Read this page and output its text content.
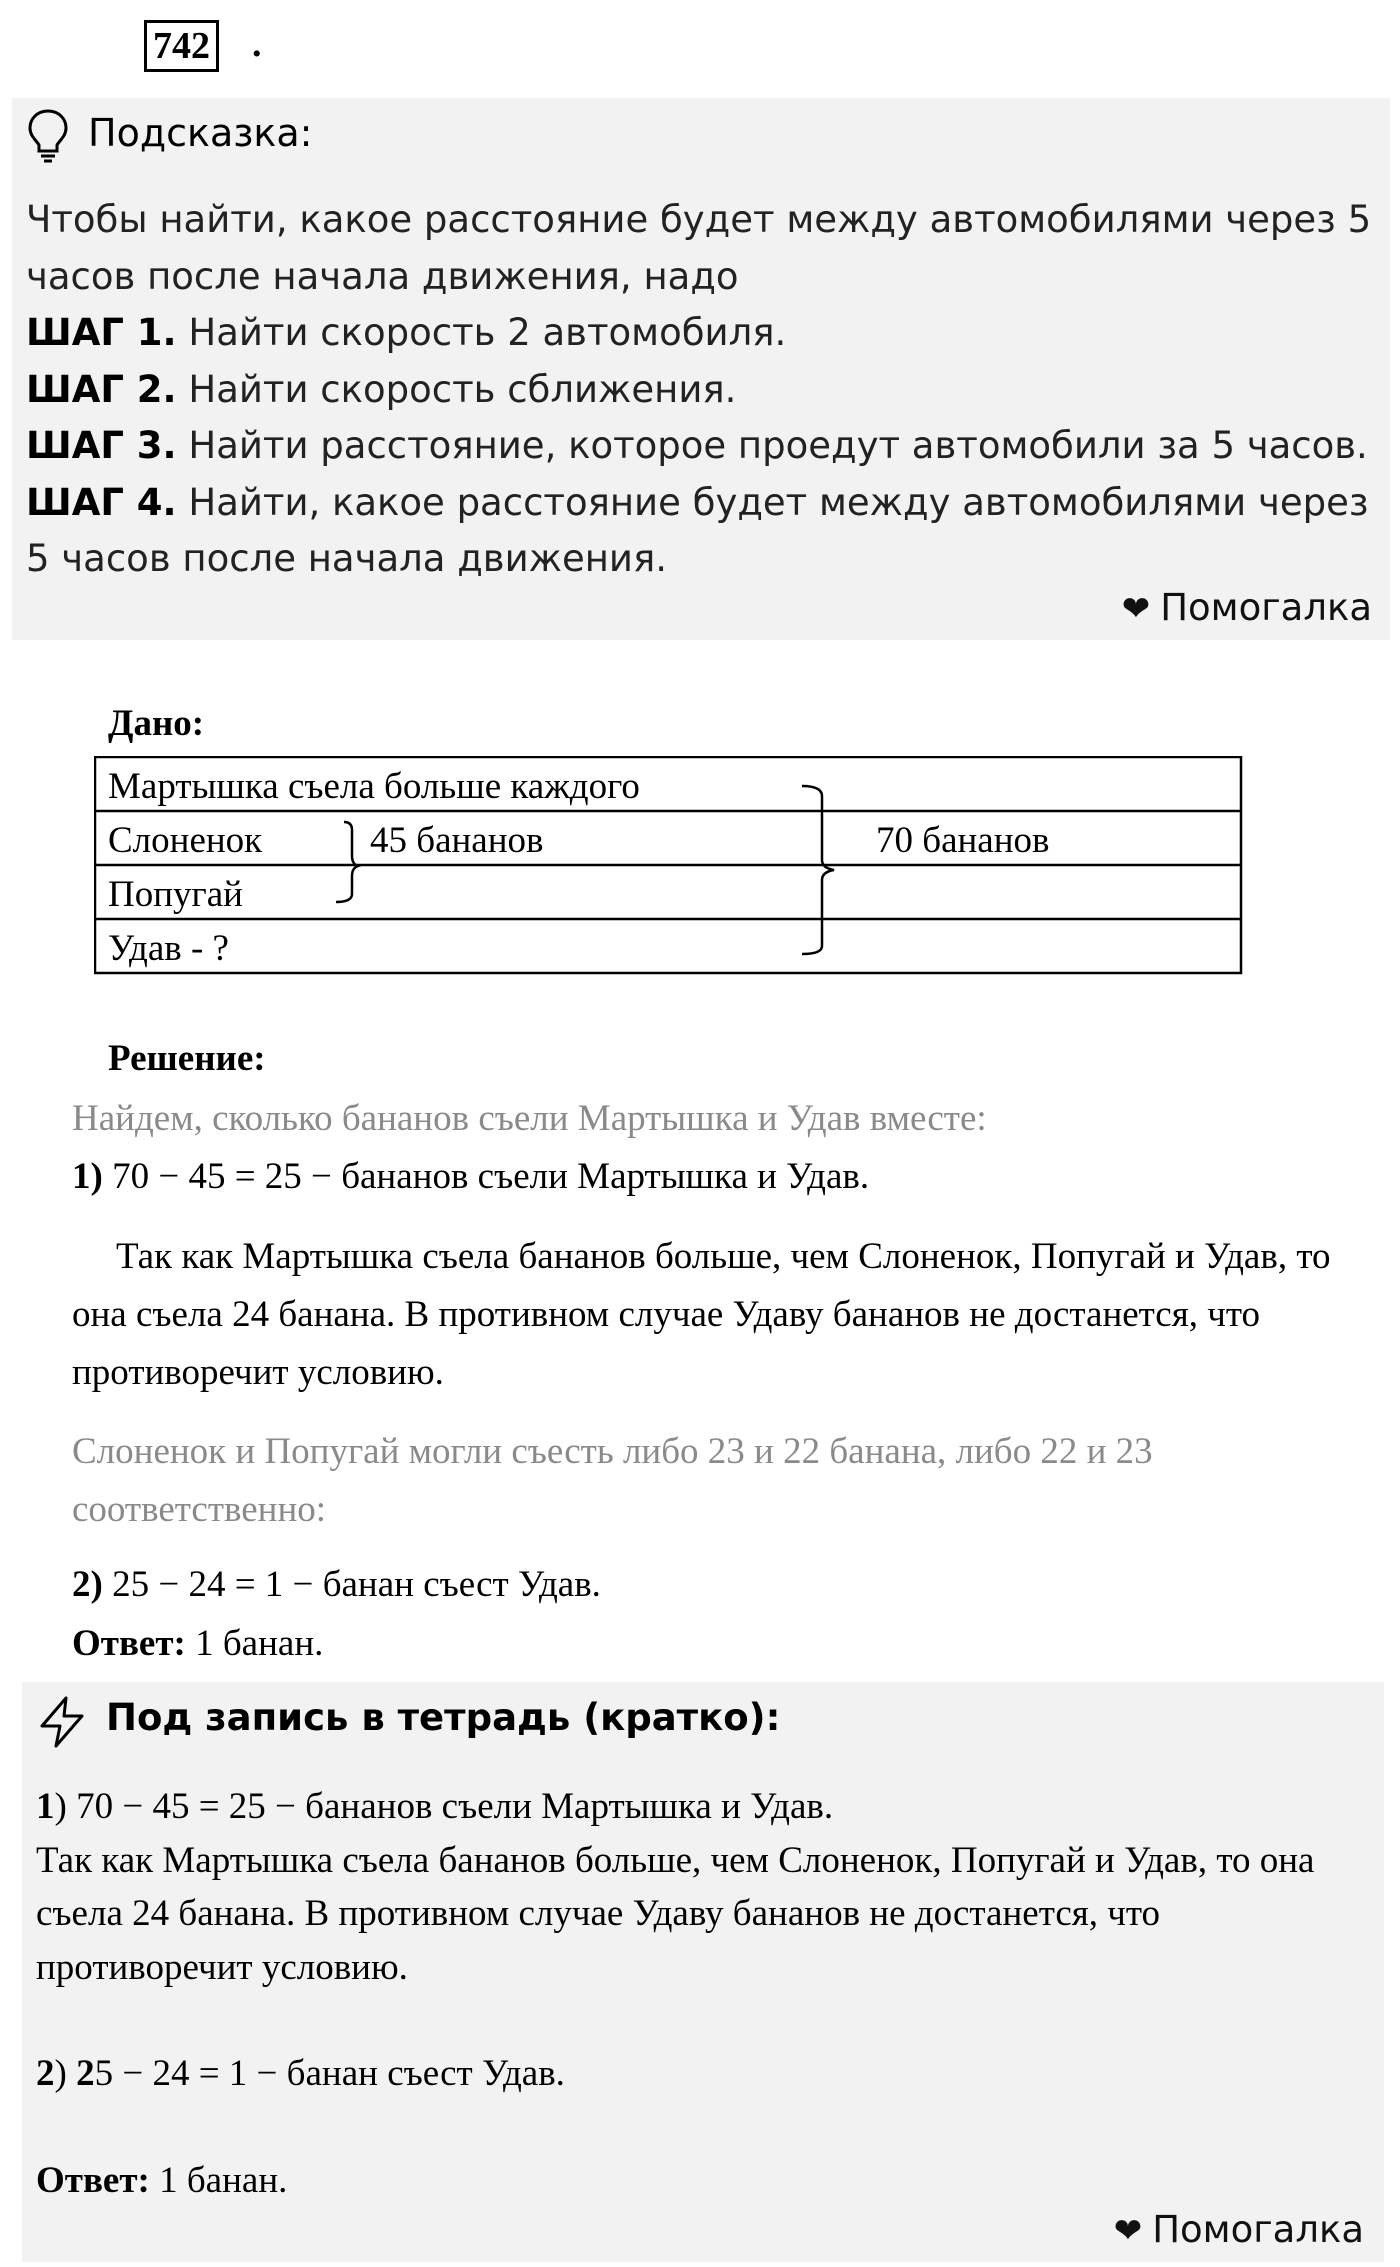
742 .
Подсказка:

Чтобы найти, какое расстояние будет между автомобилями через 5 часов после начала движения, надо

ШАГ 1. Найти скорость 2 автомобиля.

ШАГ 2. Найти скорость сближения.

ШАГ 3. Найти расстояние, которое проедут автомобили за 5 часов.

ШАГ 4. Найти, какое расстояние будет между автомобилями через 5 часов после начала движения.

❤ Помогалка
Дано:
Мартышка съела больше каждого
Слоненок	45 бананов	70 бананов
Попугай
Удав - ?
Решение:
Найдем, сколько бананов съели Мартышка и Удав вместе:
1) 70 − 45 = 25 − бананов съели Мартышка и Удав.
Так как Мартышка съела бананов больше, чем Слоненок, Попугай и Удав, то она съела 24 банана. В противном случае Удаву бананов не достанется, что противоречит условию.
Слоненок и Попугай могли съесть либо 23 и 22 банана, либо 22 и 23 соответственно:
2) 25 − 24 = 1 − банан съест Удав.
Ответ: 1 банан.
Под запись в тетрадь (кратко):

1) 70 − 45 = 25 − бананов съели Мартышка и Удав.

Так как Мартышка съела бананов больше, чем Слоненок, Попугай и Удав, то она съела 24 банана. В противном случае Удаву бананов не достанется, что противоречит условию.

2) 25 − 24 = 1 − банан съест Удав.

Ответ: 1 банан.

❤ Помогалка
